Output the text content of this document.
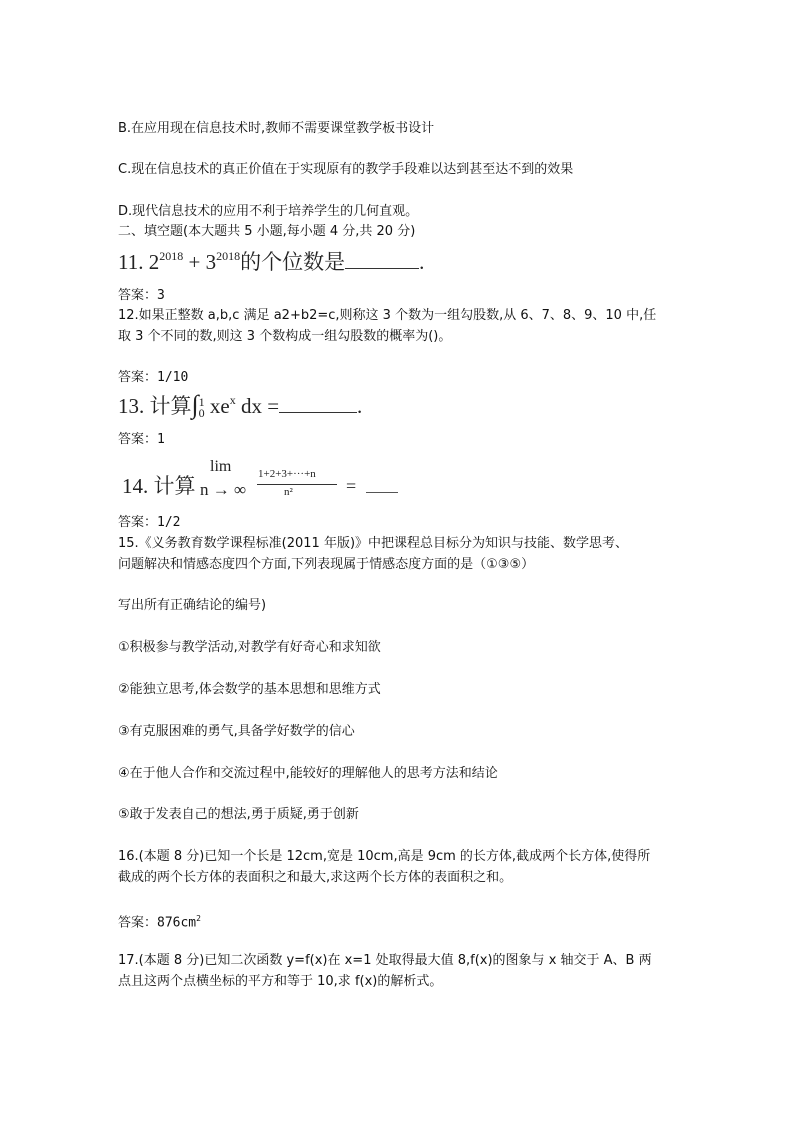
B.在应用现在信息技术时,教师不需要课堂教学板书设计
C.现在信息技术的真正价值在于实现原有的教学手段难以达到甚至达不到的效果
D.现代信息技术的应用不利于培养学生的几何直观。
二、填空题(本大题共 5 小题,每小题 4 分,共 20 分)
11. $2^{2018} + 3^{2018}$的个位数是	.
答案：3
12.如果正整数 a,b,c 满足 a2+b2=c,则称这 3 个数为一组勾股数,从 6、7、8、9、10 中,任
取 3 个不同的数,则这 3 个数构成一组勾股数的概率为()。
答案：1/10
13. 计算∫ 1
0 $xe^x$ dx =	.
答案：1
14. 计算
lim
n → ∞
1+2+3+···+n
n²	=
答案：1/2
15.《义务教育数学课程标准(2011 年版)》中把课程总目标分为知识与技能、数学思考、
问题解决和情感态度四个方面,下列表现属于情感态度方面的是（①③⑤）
写出所有正确结论的编号)
①积极参与教学活动,对教学有好奇心和求知欲
②能独立思考,体会数学的基本思想和思维方式
③有克服困难的勇气,具备学好数学的信心
④在于他人合作和交流过程中,能较好的理解他人的思考方法和结论
⑤敢于发表自己的想法,勇于质疑,勇于创新
16.(本题 8 分)已知一个长是 12cm,宽是 10cm,高是 9cm 的长方体,截成两个长方体,使得所
截成的两个长方体的表面积之和最大,求这两个长方体的表面积之和。
答案：$876cm^2$
17.(本题 8 分)已知二次函数 y=f(x)在 x=1 处取得最大值 8,f(x)的图象与 x 轴交于 A、B 两
点且这两个点横坐标的平方和等于 10,求 f(x)的解析式。
